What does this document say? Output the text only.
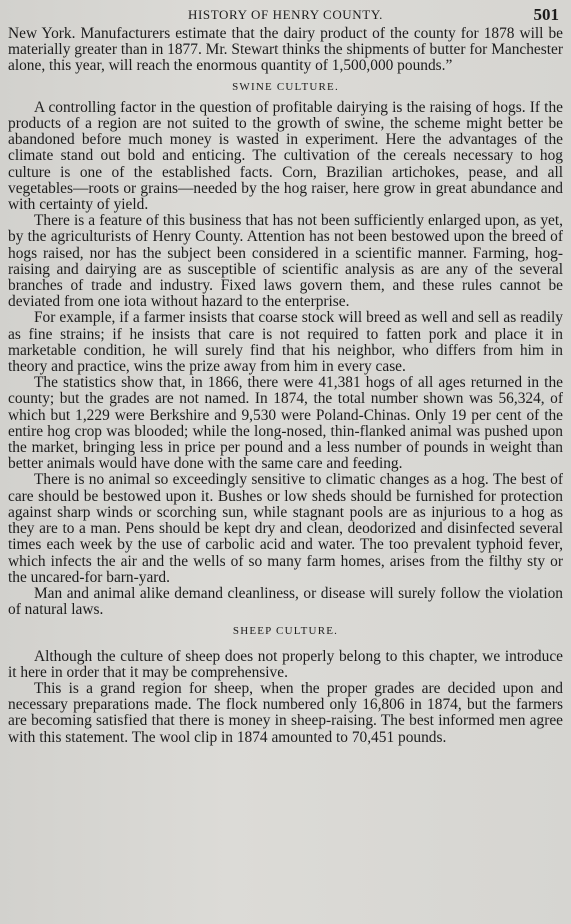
HISTORY OF HENRY COUNTY.	501

New York. Manufacturers estimate that the dairy product of the county for 1878 will be materially greater than in 1877. Mr. Stewart thinks the shipments of butter for Manchester alone, this year, will reach the enormous quantity of 1,500,000 pounds.”

SWINE CULTURE.

A controlling factor in the question of profitable dairying is the raising of hogs. If the products of a region are not suited to the growth of swine, the scheme might better be abandoned before much money is wasted in experiment. Here the advantages of the climate stand out bold and enticing. The cultivation of the cereals necessary to hog culture is one of the established facts. Corn, Brazilian artichokes, pease, and all vegetables—roots or grains—needed by the hog raiser, here grow in great abundance and with certainty of yield.

There is a feature of this business that has not been sufficiently enlarged upon, as yet, by the agriculturists of Henry County. Attention has not been bestowed upon the breed of hogs raised, nor has the subject been considered in a scientific manner. Farming, hog-raising and dairying are as susceptible of scientific analysis as are any of the several branches of trade and industry. Fixed laws govern them, and these rules cannot be deviated from one iota without hazard to the enterprise.

For example, if a farmer insists that coarse stock will breed as well and sell as readily as fine strains; if he insists that care is not required to fatten pork and place it in marketable condition, he will surely find that his neighbor, who differs from him in theory and practice, wins the prize away from him in every case.

The statistics show that, in 1866, there were 41,381 hogs of all ages returned in the county; but the grades are not named. In 1874, the total number shown was 56,324, of which but 1,229 were Berkshire and 9,530 were Poland-Chinas. Only 19 per cent of the entire hog crop was blooded; while the long-nosed, thin-flanked animal was pushed upon the market, bringing less in price per pound and a less number of pounds in weight than better animals would have done with the same care and feeding.

There is no animal so exceedingly sensitive to climatic changes as a hog. The best of care should be bestowed upon it. Bushes or low sheds should be furnished for protection against sharp winds or scorching sun, while stagnant pools are as injurious to a hog as they are to a man. Pens should be kept dry and clean, deodorized and disinfected several times each week by the use of carbolic acid and water. The too prevalent typhoid fever, which infects the air and the wells of so many farm homes, arises from the filthy sty or the uncared-for barn-yard.

Man and animal alike demand cleanliness, or disease will surely follow the violation of natural laws.

SHEEP CULTURE.

Although the culture of sheep does not properly belong to this chapter, we introduce it here in order that it may be comprehensive.

This is a grand region for sheep, when the proper grades are decided upon and necessary preparations made. The flock numbered only 16,806 in 1874, but the farmers are becoming satisfied that there is money in sheep-raising. The best informed men agree with this statement. The wool clip in 1874 amounted to 70,451 pounds.
